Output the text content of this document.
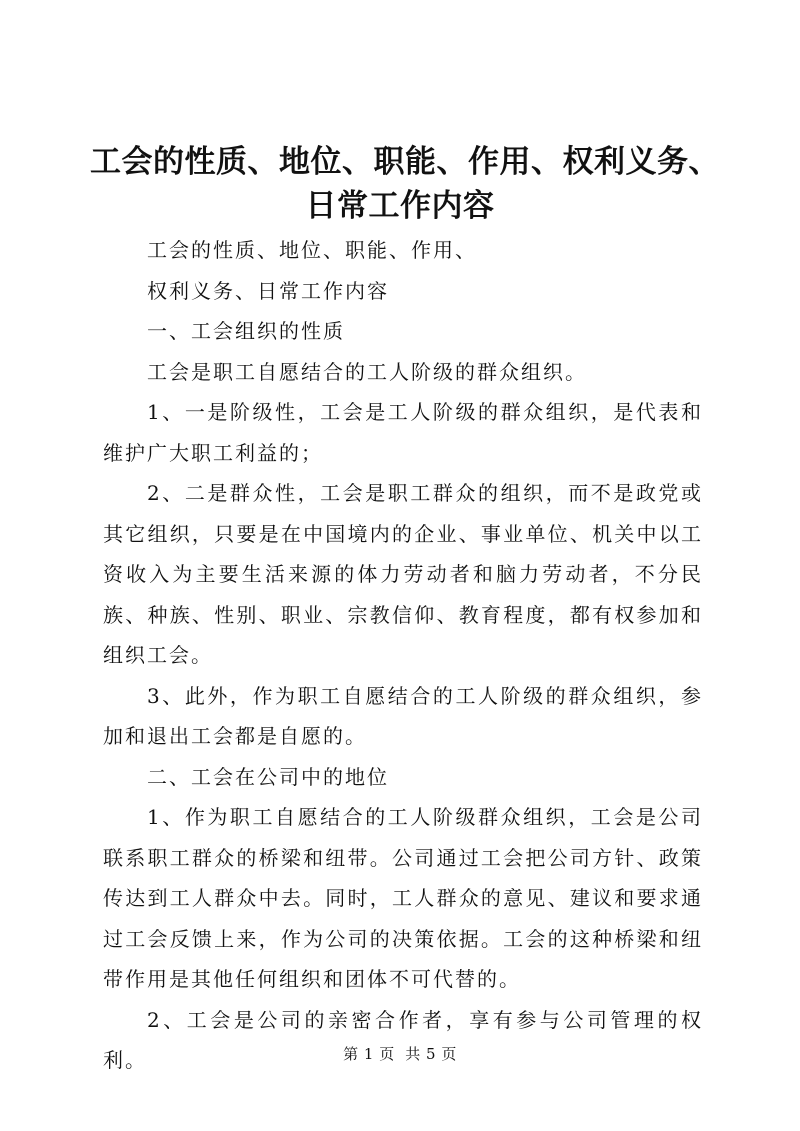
工会的性质、地位、职能、作用、权利义务、
日常工作内容

工会的性质、地位、职能、作用、

权利义务、日常工作内容

一、工会组织的性质

工会是职工自愿结合的工人阶级的群众组织。

1、一是阶级性，工会是工人阶级的群众组织，是代表和维护广大职工利益的；

2、二是群众性，工会是职工群众的组织，而不是政党或其它组织，只要是在中国境内的企业、事业单位、机关中以工资收入为主要生活来源的体力劳动者和脑力劳动者，不分民族、种族、性别、职业、宗教信仰、教育程度，都有权参加和组织工会。

3、此外，作为职工自愿结合的工人阶级的群众组织，参加和退出工会都是自愿的。

二、工会在公司中的地位

1、作为职工自愿结合的工人阶级群众组织，工会是公司联系职工群众的桥梁和纽带。公司通过工会把公司方针、政策传达到工人群众中去。同时，工人群众的意见、建议和要求通过工会反馈上来，作为公司的决策依据。工会的这种桥梁和纽带作用是其他任何组织和团体不可代替的。

2、工会是公司的亲密合作者，享有参与公司管理的权利。	第 1 页  共 5 页
